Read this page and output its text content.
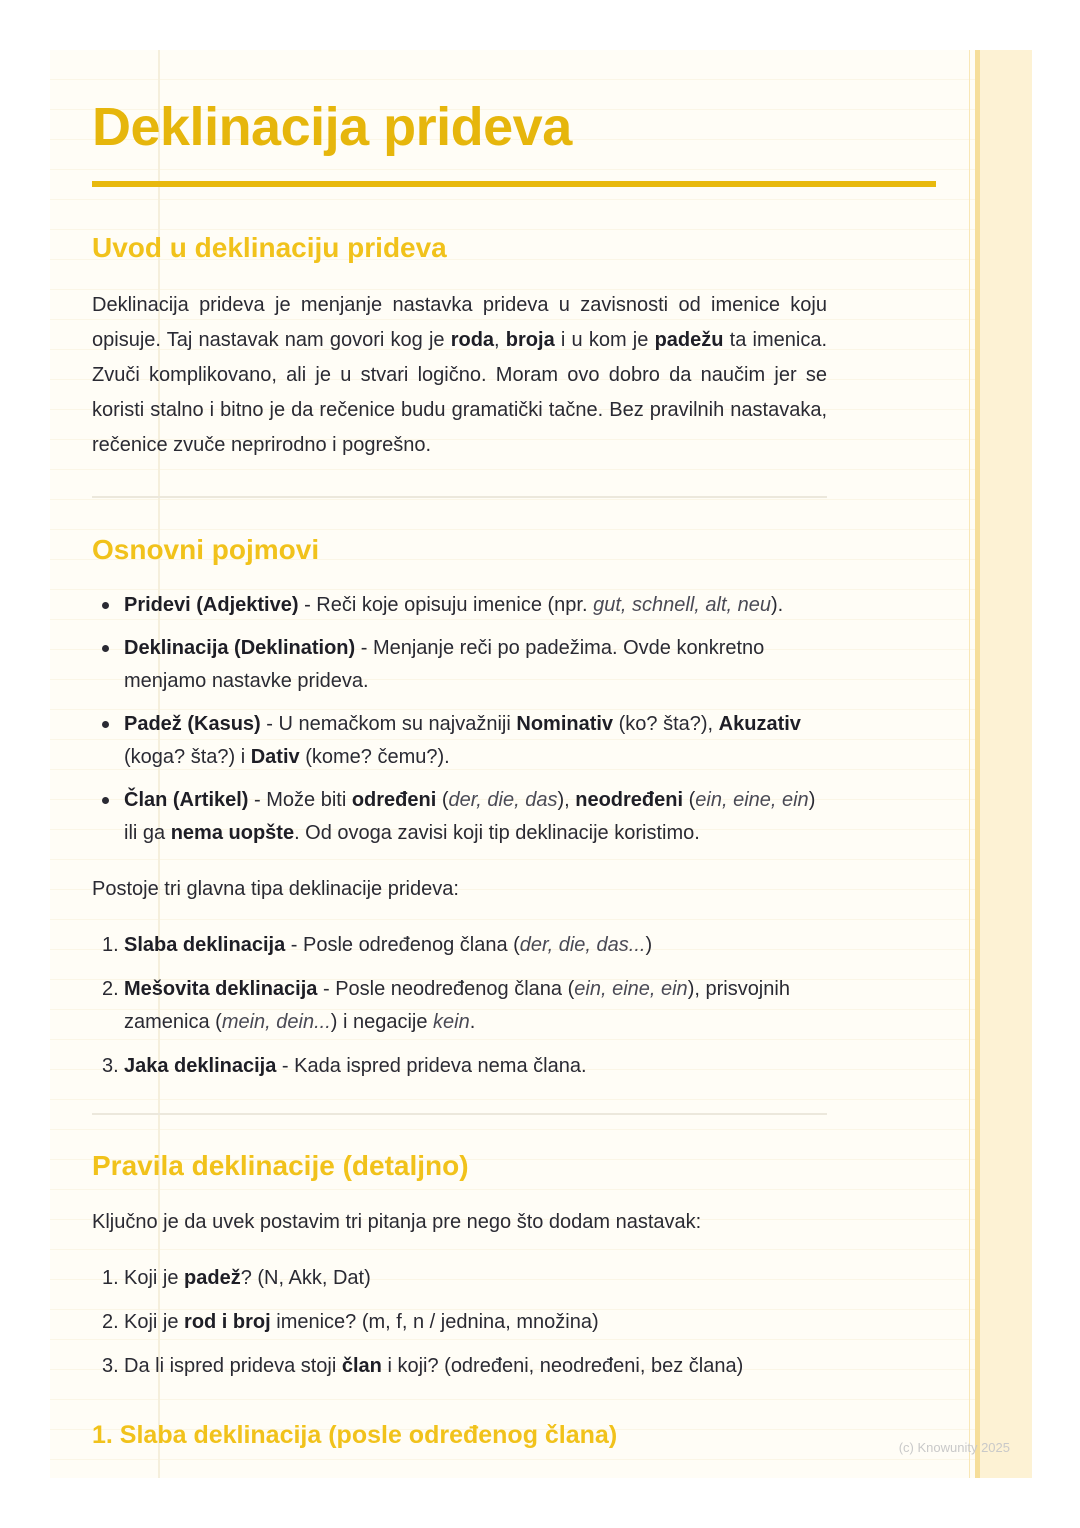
Deklinacija prideva
Uvod u deklinaciju prideva

Deklinacija prideva je menjanje nastavka prideva u zavisnosti od imenice koju opisuje. Taj nastavak nam govori kog je roda, broja i u kom je padežu ta imenica. Zvuči komplikovano, ali je u stvari logično. Moram ovo dobro da naučim jer se koristi stalno i bitno je da rečenice budu gramatički tačne. Bez pravilnih nastavaka, rečenice zvuče neprirodno i pogrešno.

Osnovni pojmovi
Pridevi (Adjektive) - Reči koje opisuju imenice (npr. gut, schnell, alt, neu).
Deklinacija (Deklination) - Menjanje reči po padežima. Ovde konkretno menjamo nastavke prideva.
Padež (Kasus) - U nemačkom su najvažniji Nominativ (ko? šta?), Akuzativ (koga? šta?) i Dativ (kome? čemu?).
Član (Artikel) - Može biti određeni (der, die, das), neodređeni (ein, eine, ein) ili ga nema uopšte. Od ovoga zavisi koji tip deklinacije koristimo.

Postoje tri glavna tipa deklinacije prideva:

1. Slaba deklinacija - Posle određenog člana (der, die, das...)
2. Mešovita deklinacija - Posle neodređenog člana (ein, eine, ein), prisvojnih zamenica (mein, dein...) i negacije kein.
3. Jaka deklinacija - Kada ispred prideva nema člana.
Pravila deklinacije (detaljno)

Ključno je da uvek postavim tri pitanja pre nego što dodam nastavak:

1. Koji je padež? (N, Akk, Dat)
2. Koji je rod i broj imenice? (m, f, n / jednina, množina)
3. Da li ispred prideva stoji član i koji? (određeni, neodređeni, bez člana)
1. Slaba deklinacija (posle određenog člana)	(c) Knowunity 2025
